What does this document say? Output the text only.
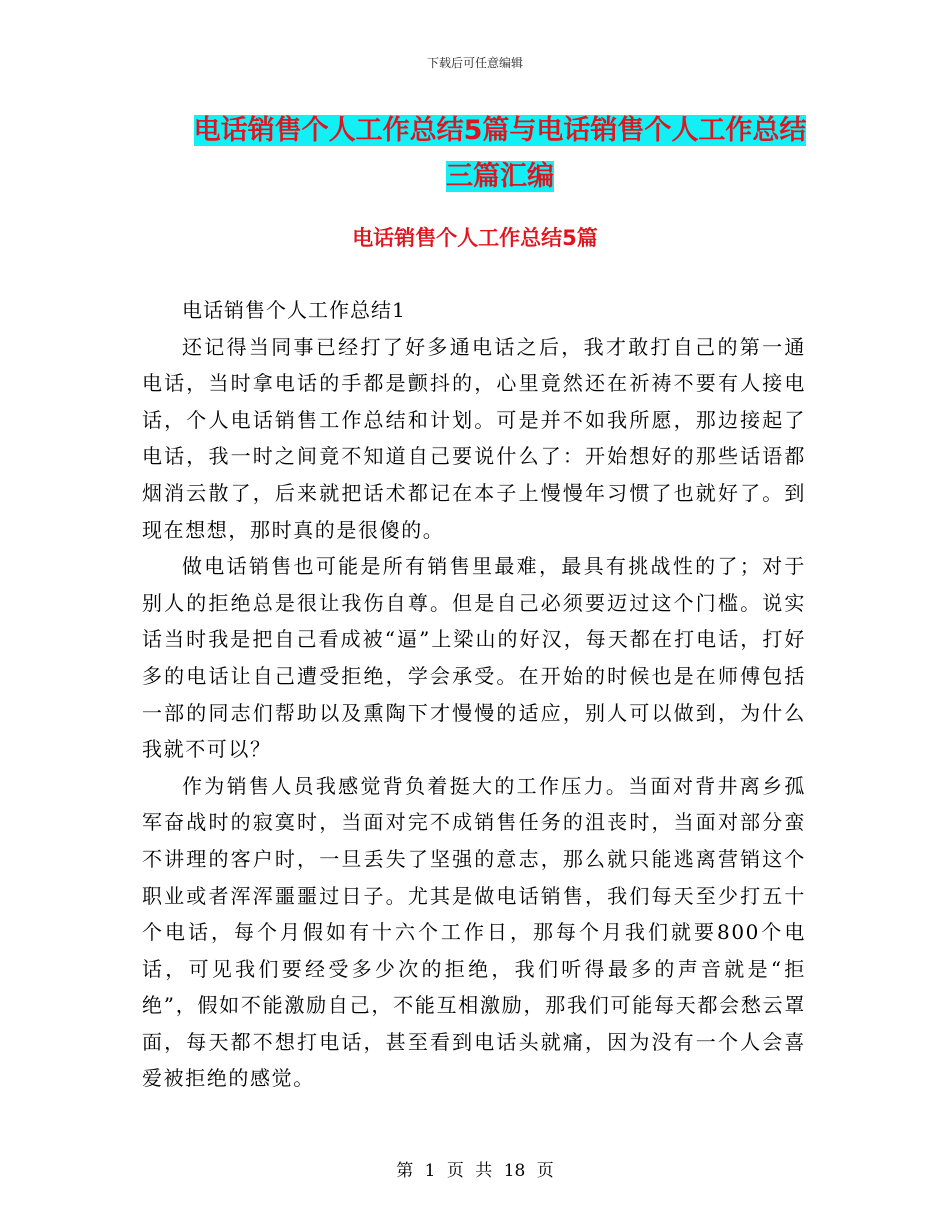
下载后可任意编辑
电话销售个人工作总结5篇与电话销售个人工作总结
三篇汇编
电话销售个人工作总结5篇

电话销售个人工作总结1

还记得当同事已经打了好多通电话之后，我才敢打自己的第一通电话，当时拿电话的手都是颤抖的，心里竟然还在祈祷不要有人接电话，个人电话销售工作总结和计划。可是并不如我所愿，那边接起了电话，我一时之间竟不知道自己要说什么了：开始想好的那些话语都烟消云散了，后来就把话术都记在本子上慢慢年习惯了也就好了。到现在想想，那时真的是很傻的。

做电话销售也可能是所有销售里最难，最具有挑战性的了；对于别人的拒绝总是很让我伤自尊。但是自己必须要迈过这个门槛。说实话当时我是把自己看成被“逼”上梁山的好汉，每天都在打电话，打好多的电话让自己遭受拒绝，学会承受。在开始的时候也是在师傅包括一部的同志们帮助以及熏陶下才慢慢的适应，别人可以做到，为什么我就不可以？

作为销售人员我感觉背负着挺大的工作压力。当面对背井离乡孤军奋战时的寂寞时，当面对完不成销售任务的沮丧时，当面对部分蛮不讲理的客户时，一旦丢失了坚强的意志，那么就只能逃离营销这个职业或者浑浑噩噩过日子。尤其是做电话销售，我们每天至少打五十个电话，每个月假如有十六个工作日，那每个月我们就要800个电话，可见我们要经受多少次的拒绝，我们听得最多的声音就是“拒绝”，假如不能激励自己，不能互相激励，那我们可能每天都会愁云罩面，每天都不想打电话，甚至看到电话头就痛，因为没有一个人会喜爱被拒绝的感觉。

第 1 页 共 18 页
